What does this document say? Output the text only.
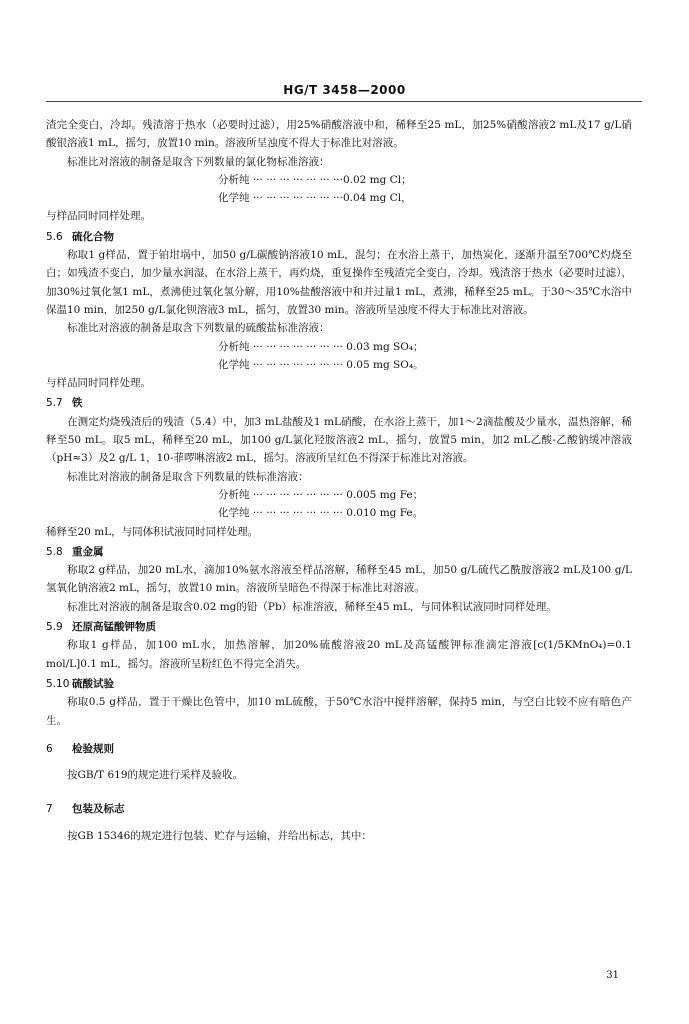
HG/T 3458—2000

渣完全变白，冷却。残渣溶于热水（必要时过滤），用25%硝酸溶液中和，稀释至25 mL，加25%硝酸溶液2 mL及17 g/L硝酸银溶液1 mL，摇匀，放置10 min。溶液所呈浊度不得大于标准比对溶液。

标准比对溶液的制备是取含下列数量的氯化物标准溶液：

分析纯 ··· ··· ··· ··· ··· ··· ···0.02 mg Cl；

化学纯 ··· ··· ··· ··· ··· ··· ···0.04 mg Cl，

与样品同时同样处理。

5.6 硫化合物

称取1 g样品，置于铂坩埚中，加50 g/L碳酸钠溶液10 mL，混匀；在水浴上蒸干，加热炭化，逐渐升温至700℃灼烧至白；如残渣不变白，加少量水润湿，在水浴上蒸干，再灼烧，重复操作至残渣完全变白，冷却。残渣溶于热水（必要时过滤），加30%过氧化氢1 mL，煮沸使过氧化氢分解，用10%盐酸溶液中和并过量1 mL，煮沸，稀释至25 mL。于30～35℃水浴中保温10 min，加250 g/L氯化钡溶液3 mL，摇匀，放置30 min。溶液所呈浊度不得大于标准比对溶液。

标准比对溶液的制备是取含下列数量的硫酸盐标准溶液：

分析纯 ··· ··· ··· ··· ··· ··· ··· 0.03 mg SO₄；

化学纯 ··· ··· ··· ··· ··· ··· ··· 0.05 mg SO₄。

与样品同时同样处理。

5.7 铁

在测定灼烧残渣后的残渣（5.4）中，加3 mL盐酸及1 mL硝酸，在水浴上蒸干，加1～2滴盐酸及少量水，温热溶解，稀释至50 mL。取5 mL，稀释至20 mL，加100 g/L氯化羟胺溶液2 mL，摇匀，放置5 min，加2 mL乙酸-乙酸钠缓冲溶液（pH≈3）及2 g/L 1，10-菲啰啉溶液2 mL，摇匀。溶液所呈红色不得深于标准比对溶液。

标准比对溶液的制备是取含下列数量的铁标准溶液：

分析纯 ··· ··· ··· ··· ··· ··· ··· 0.005 mg Fe；

化学纯 ··· ··· ··· ··· ··· ··· ··· 0.010 mg Fe。

稀释至20 mL，与同体积试液同时同样处理。

5.8 重金属

称取2 g样品，加20 mL水，滴加10%氨水溶液至样品溶解，稀释至45 mL，加50 g/L硫代乙酰胺溶液2 mL及100 g/L氢氧化钠溶液2 mL，摇匀，放置10 min。溶液所呈暗色不得深于标准比对溶液。

标准比对溶液的制备是取含0.02 mg的铅（Pb）标准溶液，稀释至45 mL，与同体积试液同时同样处理。

5.9 还原高锰酸钾物质

称取1 g样品，加100 mL水，加热溶解，加20%硫酸溶液20 mL及高锰酸钾标准滴定溶液[c(1/5KMnO₄)=0.1 mol/L]0.1 mL，摇匀。溶液所呈粉红色不得完全消失。

5.10 硫酸试验

称取0.5 g样品，置于干燥比色管中，加10 mL硫酸，于50℃水浴中搅拌溶解，保持5 min，与空白比较不应有暗色产生。

6 检验规则

按GB/T 619的规定进行采样及验收。

7 包装及标志

按GB 15346的规定进行包装、贮存与运输，并给出标志，其中：

31
